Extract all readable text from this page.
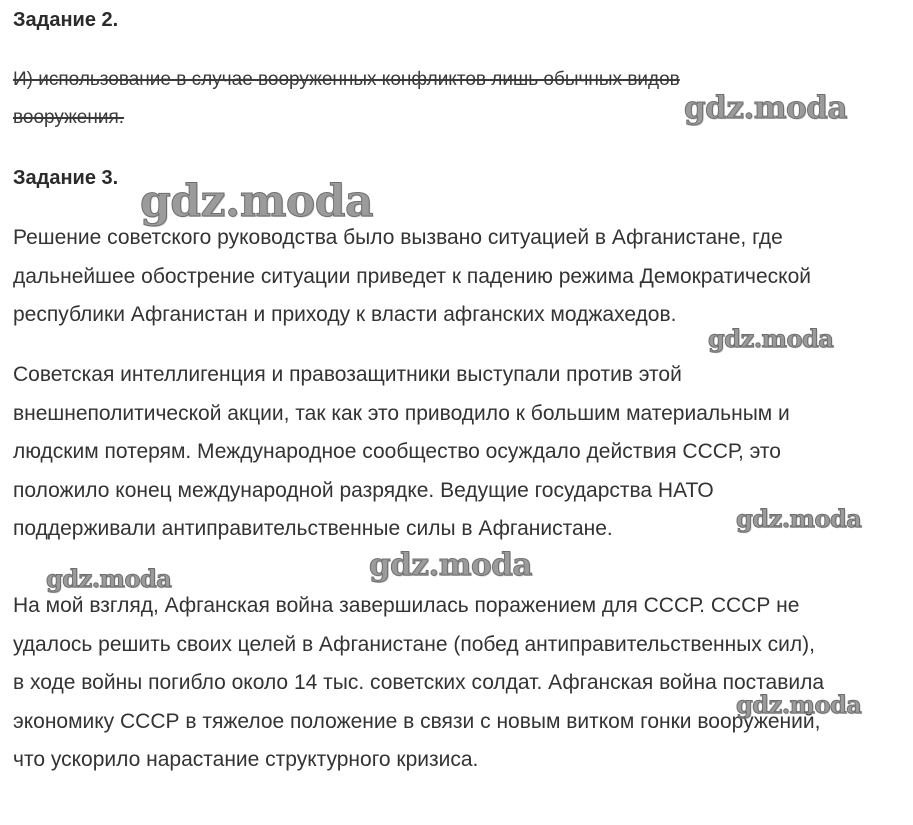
Задание 2.

И) использование в случае вооруженных конфликтов лишь обычных видов
вооружения.

Задание 3.

Решение советского руководства было вызвано ситуацией в Афганистане, где
дальнейшее обострение ситуации приведет к падению режима Демократической
республики Афганистан и приходу к власти афганских моджахедов.

Советская интеллигенция и правозащитники выступали против этой
внешнеполитической акции, так как это приводило к большим материальным и
людским потерям. Международное сообщество осуждало действия СССР, это
положило конец международной разрядке. Ведущие государства НАТО
поддерживали антиправительственные силы в Афганистане.

На мой взгляд, Афганская война завершилась поражением для СССР. СССР не
удалось решить своих целей в Афганистане (побед антиправительственных сил),
в ходе войны погибло около 14 тыс. советских солдат. Афганская война поставила
экономику СССР в тяжелое положение в связи с новым витком гонки вооружений,
что ускорило нарастание структурного кризиса.

gdz.moda
gdz.moda
gdz.moda
gdz.moda
gdz.moda
gdz.moda
gdz.moda
